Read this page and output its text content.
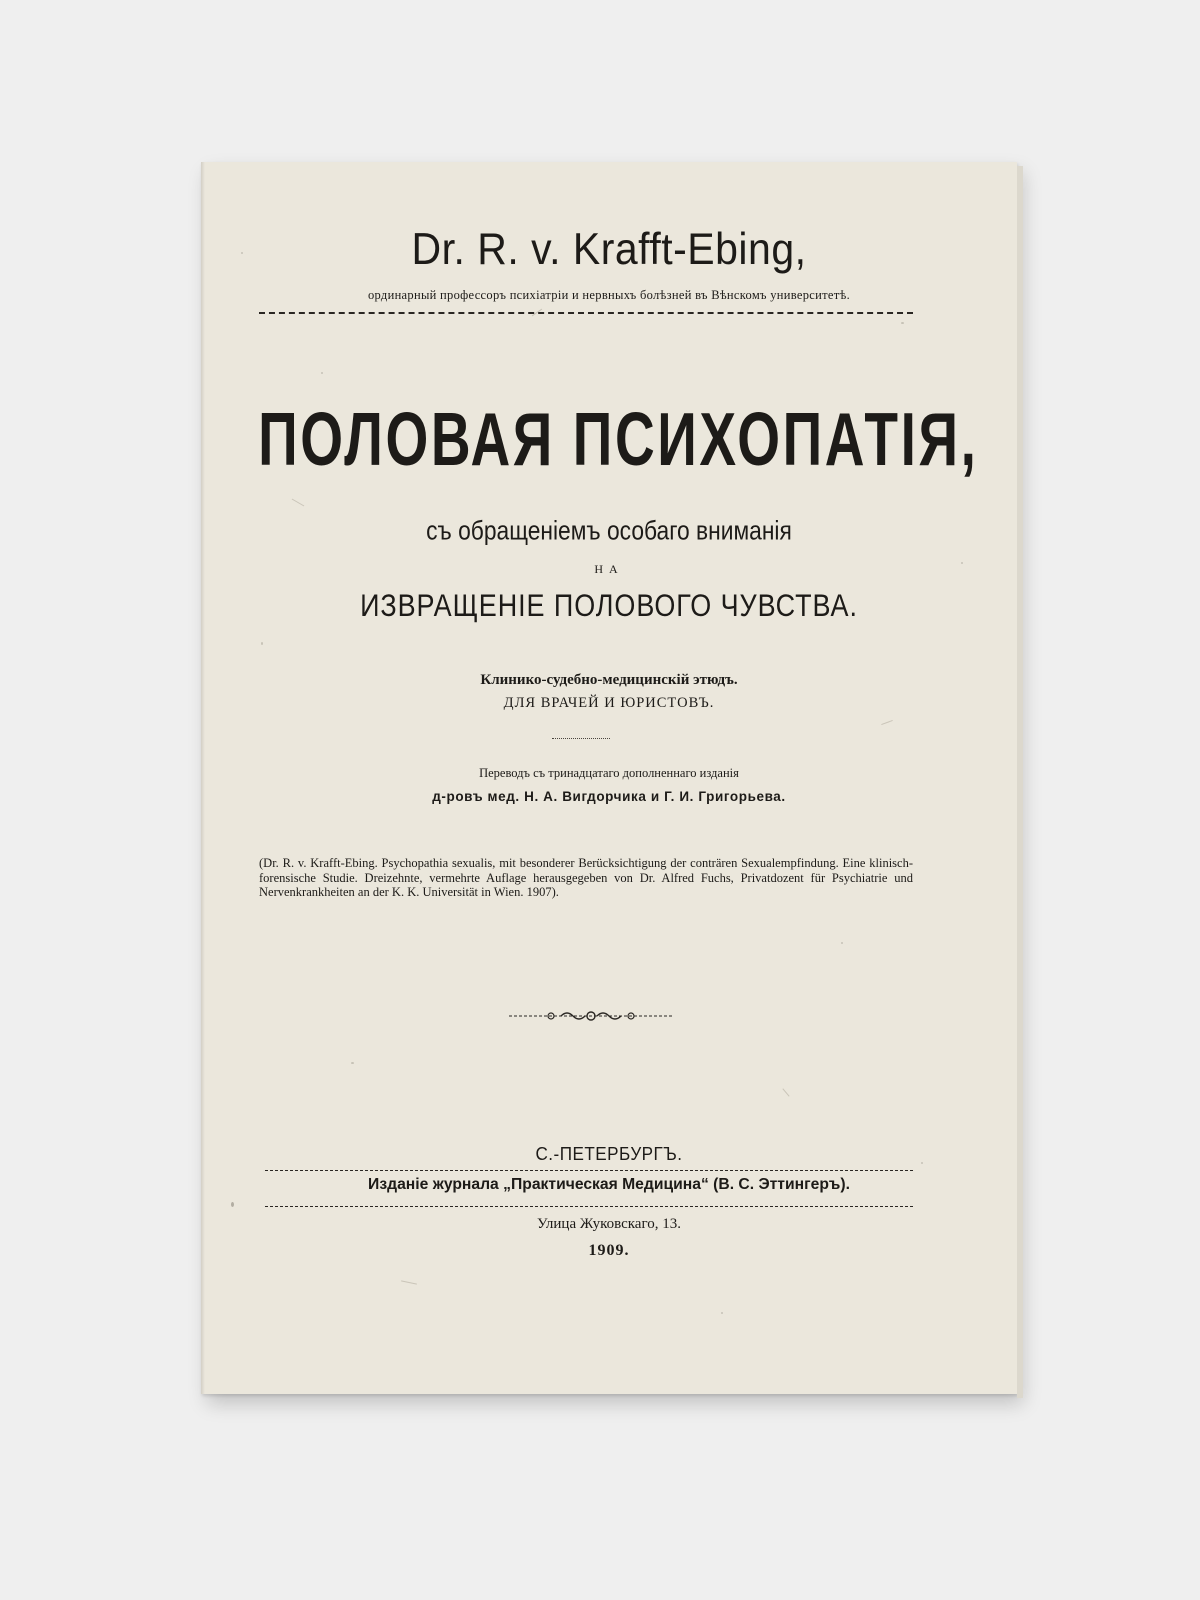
Dr. R. v. Krafft-Ebing,
ординарный профессоръ психіатріи и нервныхъ болѣзней въ Вѣнскомъ университетѣ.
ПОЛОВАЯ ПСИХОПАТІЯ,
съ обращеніемъ особаго вниманія
НА
ИЗВРАЩЕНІЕ ПОЛОВОГО ЧУВСТВА.
Клинико-судебно-медицинскій этюдъ.
ДЛЯ ВРАЧЕЙ И ЮРИСТОВЪ.
Переводъ съ тринадцатаго дополненнаго изданія
д-ровъ мед. Н. А. Вигдорчика и Г. И. Григорьева.
(Dr. R. v. Krafft-Ebing. Psychopathia sexualis, mit besonderer Berücksichtigung der conträren Sexualempfindung. Eine klinisch-forensische Studie. Dreizehnte, vermehrte Auflage herausgegeben von Dr. Alfred Fuchs, Privatdozent für Psychiatrie und Nervenkrankheiten an der K. K. Universität in Wien. 1907).
С.-ПЕТЕРБУРГЪ.
Изданіе журнала „Практическая Медицина“ (В. С. Эттингеръ).
Улица Жуковскаго, 13.
1909.
